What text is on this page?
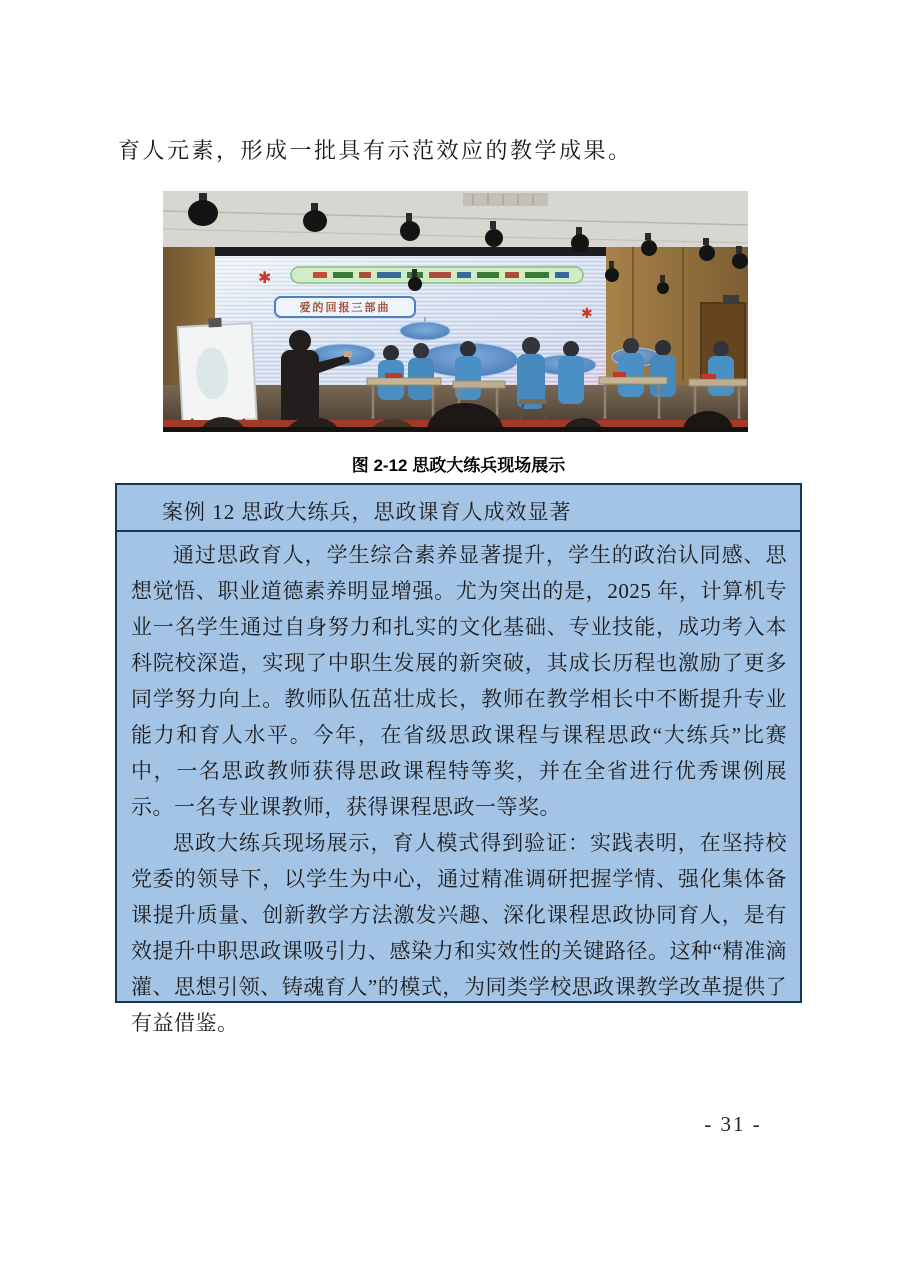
育人元素，形成一批具有示范效应的教学成果。
✱
✱
爱的回报三部曲
图 2-12 思政大练兵现场展示
案例 12 思政大练兵，思政课育人成效显著

通过思政育人，学生综合素养显著提升，学生的政治认同感、思想觉悟、职业道德素养明显增强。尤为突出的是，2025 年，计算机专业一名学生通过自身努力和扎实的文化基础、专业技能，成功考入本科院校深造，实现了中职生发展的新突破，其成长历程也激励了更多同学努力向上。教师队伍茁壮成长，教师在教学相长中不断提升专业能力和育人水平。今年，在省级思政课程与课程思政“大练兵”比赛中，一名思政教师获得思政课程特等奖，并在全省进行优秀课例展示。一名专业课教师，获得课程思政一等奖。

思政大练兵现场展示，育人模式得到验证：实践表明，在坚持校党委的领导下，以学生为中心，通过精准调研把握学情、强化集体备课提升质量、创新教学方法激发兴趣、深化课程思政协同育人，是有效提升中职思政课吸引力、感染力和实效性的关键路径。这种“精准滴灌、思想引领、铸魂育人”的模式，为同类学校思政课教学改革提供了有益借鉴。

- 31 -
